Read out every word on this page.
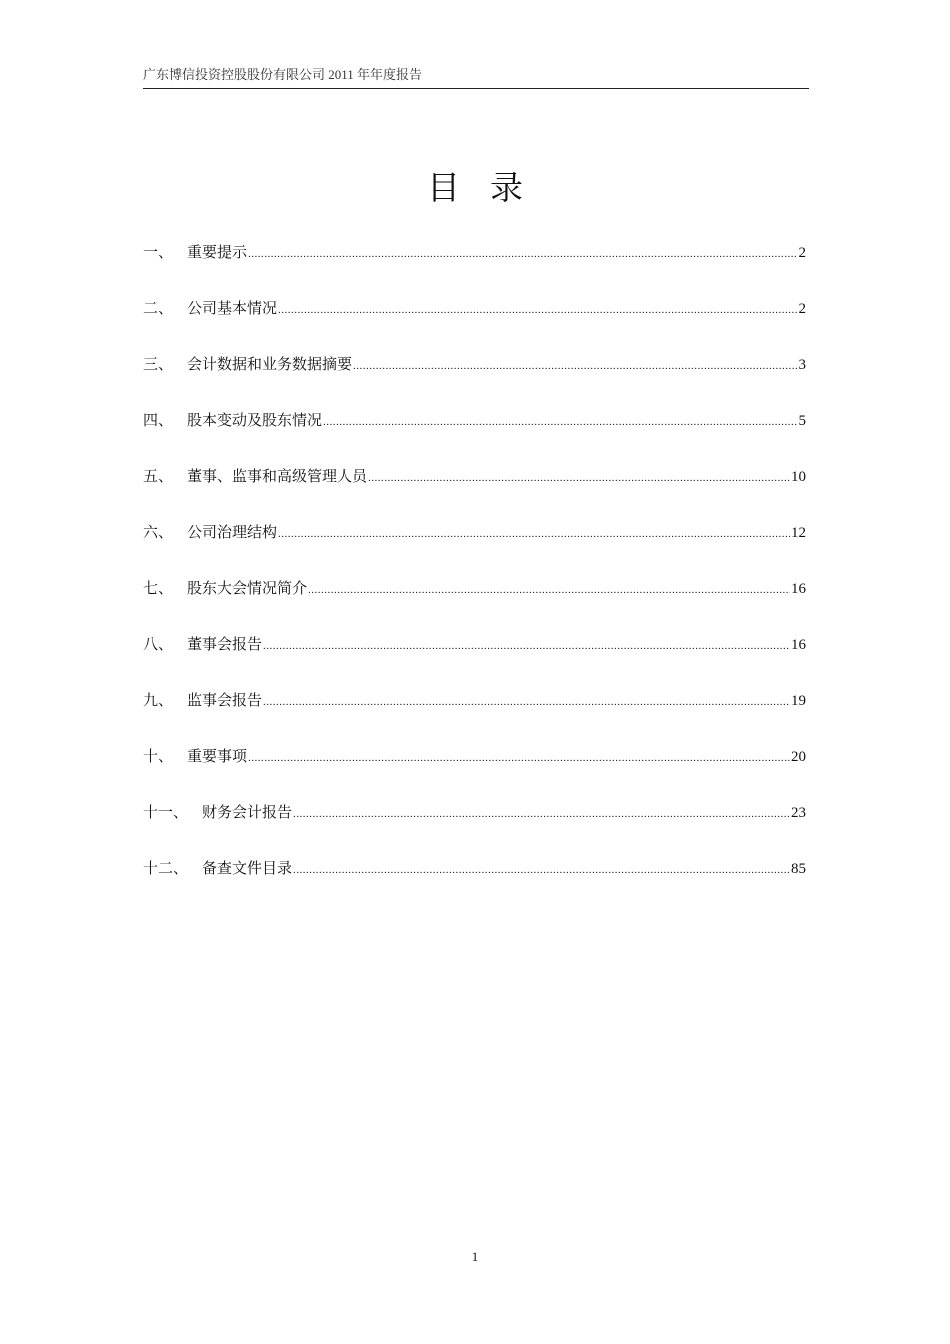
广东博信投资控股股份有限公司 2011 年年度报告
目录
一、 重要提示 .....	2
二、 公司基本情况 .....	2
三、 会计数据和业务数据摘要 .....	3
四、 股本变动及股东情况 .....	5
五、 董事、监事和高级管理人员 .....	10
六、 公司治理结构 .....	12
七、 股东大会情况简介 .....	16
八、 董事会报告 .....	16
九、 监事会报告 .....	19
十、 重要事项 .....	20
十一、 财务会计报告 .....	23
十二、 备查文件目录 .....	85
1
